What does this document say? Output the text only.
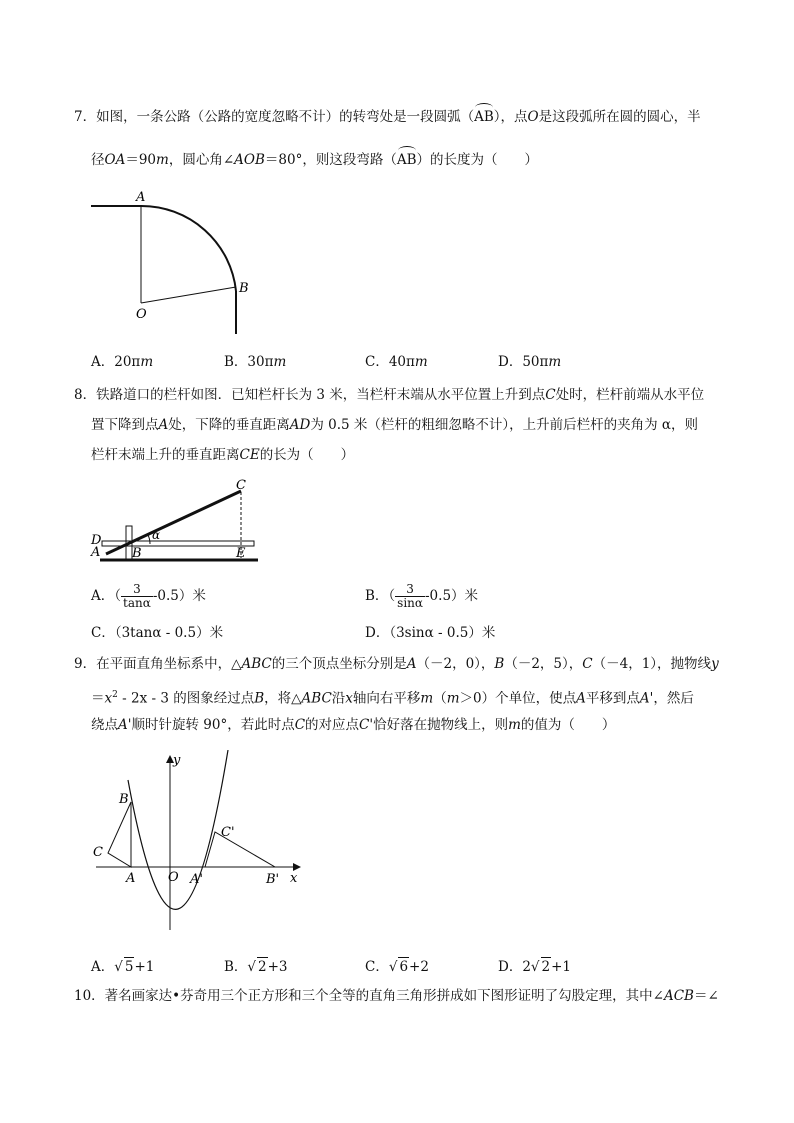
7．如图，一条公路（公路的宽度忽略不计）的转弯处是一段圆弧（AB），点O是这段弧所在圆的圆心，半
径OA＝90m，圆心角∠AOB＝80°，则这段弯路（AB）的长度为（　　）
A
B
O
A．20πm	B．30πm	C．40πm	D．50πm
8．铁路道口的栏杆如图．已知栏杆长为 3 米，当栏杆末端从水平位置上升到点C处时，栏杆前端从水平位
置下降到点A处，下降的垂直距离AD为 0.5 米（栏杆的粗细忽略不计），上升前后栏杆的夹角为 α，则
栏杆末端上升的垂直距离CE的长为（　　）
C
D
A B	E
α
A．（ $\frac{3}{\tan\alpha} -0.5$）米	B．（ $\frac{3}{\sin\alpha} -0.5$）米
C．（3tanα - 0.5）米	D．（3sinα - 0.5）米
9．在平面直角坐标系中，△ABC的三个顶点坐标分别是A（－2，0），B（－2，5），C（－4，1），抛物线y
$=x^2 - 2x - 3$ 的图象经过点B，将△ABC沿x轴向右平移m（m＞0）个单位，使点A平移到点A'，然后
绕点A'顺时针旋转 90°，若此时点C的对应点C'恰好落在抛物线上，则m的值为（　　）
y
x
B
C
A	O A'
C'
B'
A．√ 5+1	B．√ 2+3	C．√ 6+2	D．2√ 2+1
10．著名画家达•芬奇用三个正方形和三个全等的直角三角形拼成如下图形证明了勾股定理，其中∠ACB＝∠
